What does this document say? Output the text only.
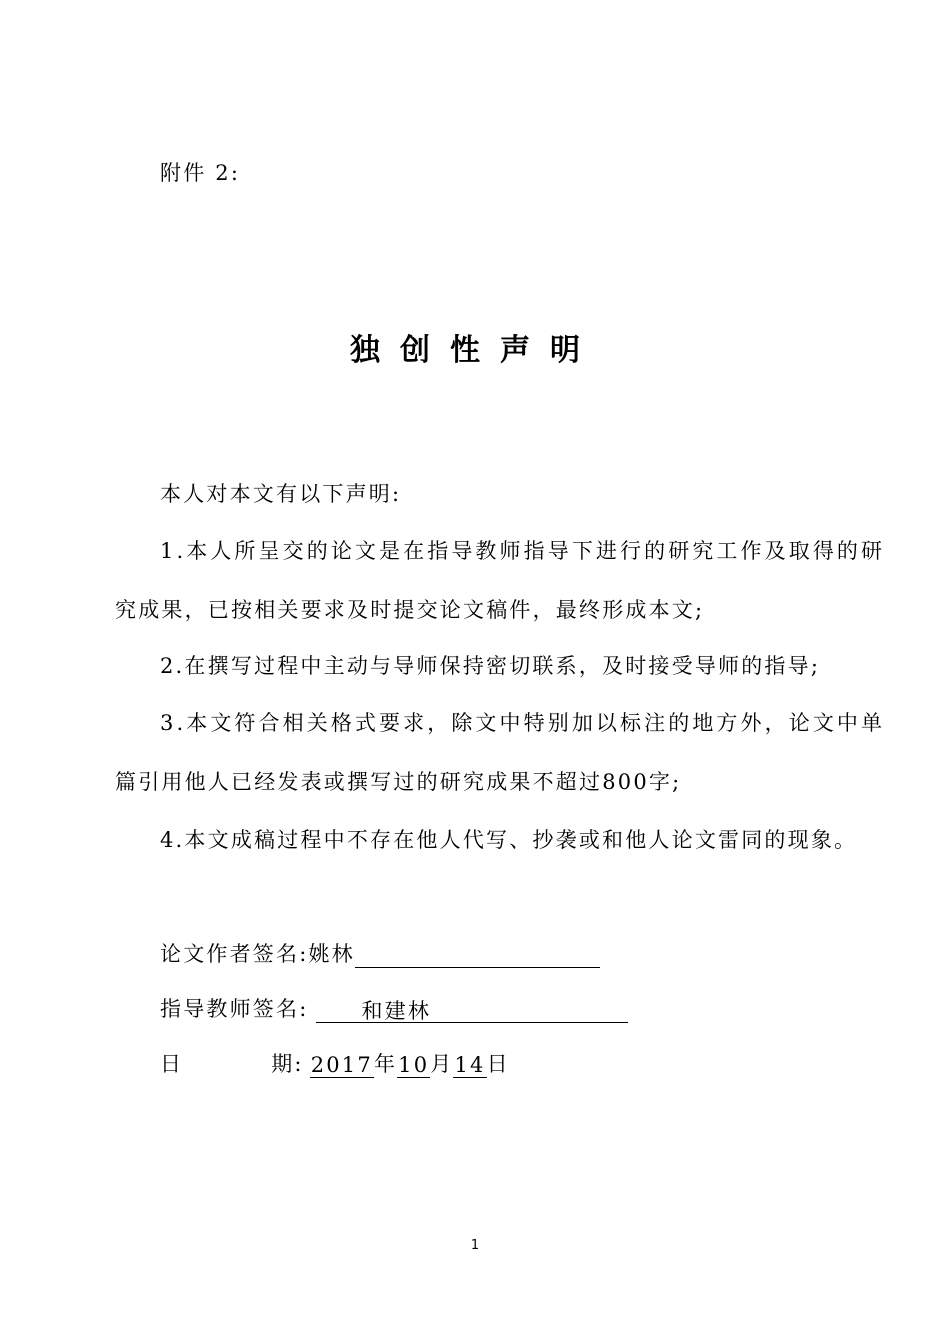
附件 2:
独创性声明
本人对本文有以下声明:
1.本人所呈交的论文是在指导教师指导下进行的研究工作及取得的研
究成果，已按相关要求及时提交论文稿件，最终形成本文;
2.在撰写过程中主动与导师保持密切联系，及时接受导师的指导;
3.本文符合相关格式要求，除文中特别加以标注的地方外，论文中单
篇引用他人已经发表或撰写过的研究成果不超过800字;
4.本文成稿过程中不存在他人代写、抄袭或和他人论文雷同的现象。
论文作者签名: 姚林
指导教师签名:	和建林
日	期: 2017 年 10 月 14 日
1
